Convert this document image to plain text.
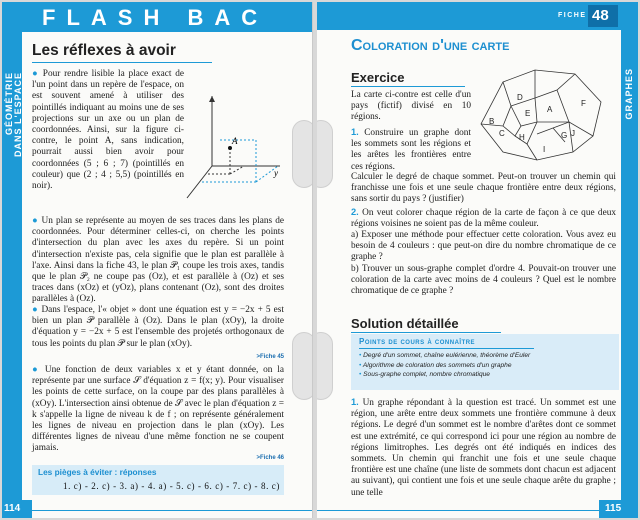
FLASH BAC
GÉOMÉTRIE DANS L'ESPACE
Les réflexes à avoir
● Pour rendre lisible la place exact de l'un point dans un repère de l'espace, on est souvent amené à utiliser des pointillés indiquant au moins une de ses projections sur un axe ou un plan de coordonnées. Ainsi, sur la figure ci-contre, le point A, sans indication, pourrait aussi bien avoir pour coordonnées (5 ; 6 ; 7) (pointillés en couleur) que (2 ; 4 ; 5,5) (pointillés en noir).
A
y
● Un plan se représente au moyen de ses traces dans les plans de coordonnées. Pour déterminer celles-ci, on cherche les points d'intersection du plan avec les axes du repère. Si un point d'intersection n'existe pas, cela signifie que le plan est parallèle à l'axe. Ainsi dans la fiche 43, le plan 𝒫₁ coupe les trois axes, tandis que le plan 𝒫₂ ne coupe pas (Oz), et est parallèle à (Oz) et ses traces dans (xOz) et (yOz), plans contenant (Oz), sont des droites parallèles à (Oz).
● Dans l'espace, l'« objet » dont une équation est y = −2x + 5 est bien un plan 𝒫 parallèle à (Oz). Dans le plan (xOy), la droite d'équation y = −2x + 5 est l'ensemble des projetés orthogonaux de tous les points du plan 𝒫 sur le plan (xOy).
>Fiche 45
● Une fonction de deux variables x et y étant donnée, on la représente par une surface 𝒮 d'équation z = f(x; y). Pour visualiser les points de cette surface, on la coupe par des plans parallèles à (xOy). L'intersection ainsi obtenue de 𝒮 avec le plan d'équation z = k s'appelle la ligne de niveau k de f ; on représente généralement les lignes de niveau en projection dans le plan (xOy). Les différentes lignes de niveau d'une même fonction ne se coupent jamais.
>Fiche 46
Les pièges à éviter : réponses
1. c) - 2. c) - 3. a) - 4. a) - 5. c) - 6. c) - 7. c) - 8. c)
114
FICHE 48
GRAPHES
Coloration d'une carte
Exercice
La carte ci-contre est celle d'un pays (fictif) divisé en 10 régions.
A
B
C
D
E
F
G
H
I
J
1. Construire un graphe dont les sommets sont les régions et les arêtes les frontières entre ces régions.
Calculer le degré de chaque sommet. Peut-on trouver un chemin qui franchisse une fois et une seule chaque frontière entre deux régions, sans sortir du pays ? (justifier)
2. On veut colorer chaque région de la carte de façon à ce que deux régions voisines ne soient pas de la même couleur.
a) Exposer une méthode pour effectuer cette coloration. Vous avez eu besoin de 4 couleurs : que peut-on dire du nombre chromatique de ce graphe ?
b) Trouver un sous-graphe complet d'ordre 4. Pouvait-on trouver une coloration de la carte avec moins de 4 couleurs ? Quel est le nombre chromatique de ce graphe ?
Solution détaillée
Points de cours à connaître
• Degré d'un sommet, chaîne eulérienne, théorème d'Euler
• Algorithme de coloration des sommets d'un graphe
• Sous-graphe complet, nombre chromatique
1. Un graphe répondant à la question est tracé. Un sommet est une région, une arête entre deux sommets une frontière commune à deux régions. Le degré d'un sommet est le nombre d'arêtes dont ce sommet est une extrémité, ce qui correspond ici pour une région au nombre de régions limitrophes. Les degrés ont été indiqués en indices des sommets. Un chemin qui franchit une fois et une seule chaque frontière est une chaîne (une liste de sommets dont chacun est adjacent au suivant), qui contient une fois et une seule chaque arête du graphe ; une telle
115
